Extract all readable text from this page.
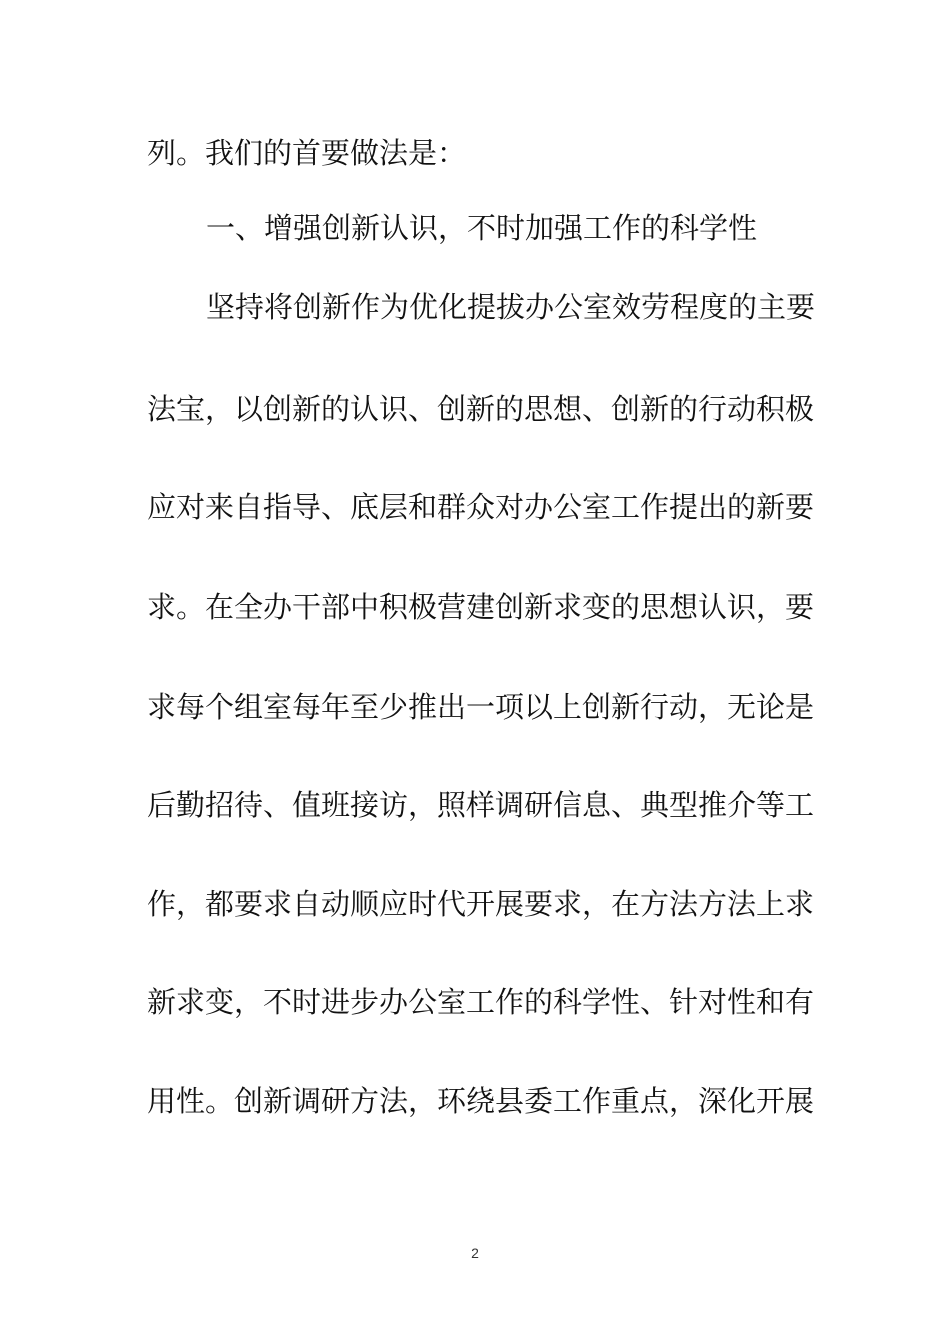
列。我们的首要做法是：
一、增强创新认识，不时加强工作的科学性
坚持将创新作为优化提拔办公室效劳程度的主要
法宝，以创新的认识、创新的思想、创新的行动积极
应对来自指导、底层和群众对办公室工作提出的新要
求。在全办干部中积极营建创新求变的思想认识，要
求每个组室每年至少推出一项以上创新行动，无论是
后勤招待、值班接访，照样调研信息、典型推介等工
作，都要求自动顺应时代开展要求，在方法方法上求
新求变，不时进步办公室工作的科学性、针对性和有
用性。创新调研方法，环绕县委工作重点，深化开展
2
